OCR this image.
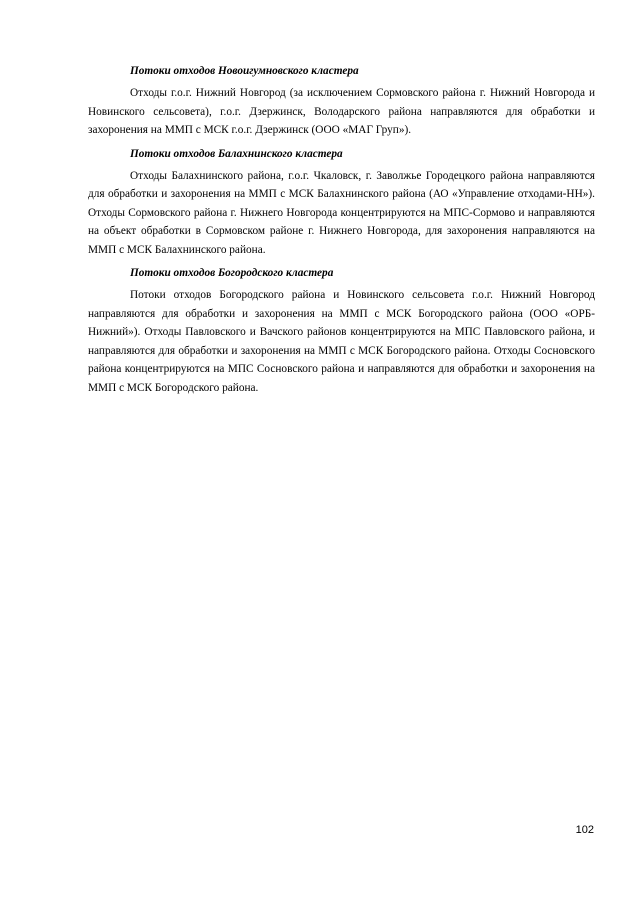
Потоки отходов Новоигумновского кластера
Отходы г.о.г. Нижний Новгород (за исключением Сормовского района г. Нижний Новгорода и Новинского сельсовета), г.о.г. Дзержинск, Володарского района направляются для обработки и захоронения на ММП с МСК г.о.г. Дзержинск (ООО «МАГ Груп»).
Потоки отходов Балахнинского кластера
Отходы Балахнинского района, г.о.г. Чкаловск, г. Заволжье Городецкого района направляются для обработки и захоронения на ММП с МСК Балахнинского района (АО «Управление отходами-НН»). Отходы Сормовского района г. Нижнего Новгорода концентрируются на МПС-Сормово и направляются на объект обработки в Сормовском районе г. Нижнего Новгорода, для захоронения направляются на ММП с МСК Балахнинского района.
Потоки отходов Богородского кластера
Потоки отходов Богородского района и Новинского сельсовета г.о.г. Нижний Новгород направляются для обработки и захоронения на ММП с МСК Богородского района (ООО «ОРБ-Нижний»). Отходы Павловского и Вачского районов концентрируются на МПС Павловского района, и направляются для обработки и захоронения на ММП с МСК Богородского района. Отходы Сосновского района концентрируются на МПС Сосновского района и направляются для обработки и захоронения на ММП с МСК Богородского района.
102
